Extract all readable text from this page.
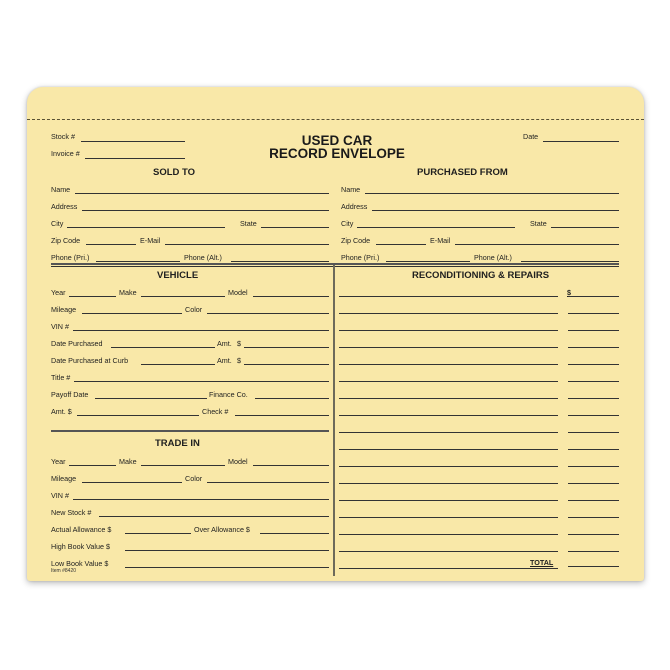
Stock #
Invoice #
USED CAR
RECORD ENVELOPE
Date
SOLD TO
Name
Address
City	State
Zip Code	E-Mail
Phone (Pri.)	Phone (Alt.)
PURCHASED FROM
Name
Address
City	State
Zip Code	E-Mail
Phone (Pri.)	Phone (Alt.)
VEHICLE
Year	Make	Model
Mileage	Color
VIN #
Date Purchased	Amt. $
Date Purchased at Curb	Amt. $
Title #
Payoff Date	Finance Co.
Amt. $	Check #
TRADE IN
Year	Make	Model
Mileage	Color
VIN #
New Stock #
Actual Allowance $	Over Allowance $
High Book Value $
Low Book Value $
Item #8420
RECONDITIONING & REPAIRS
$
TOTAL
